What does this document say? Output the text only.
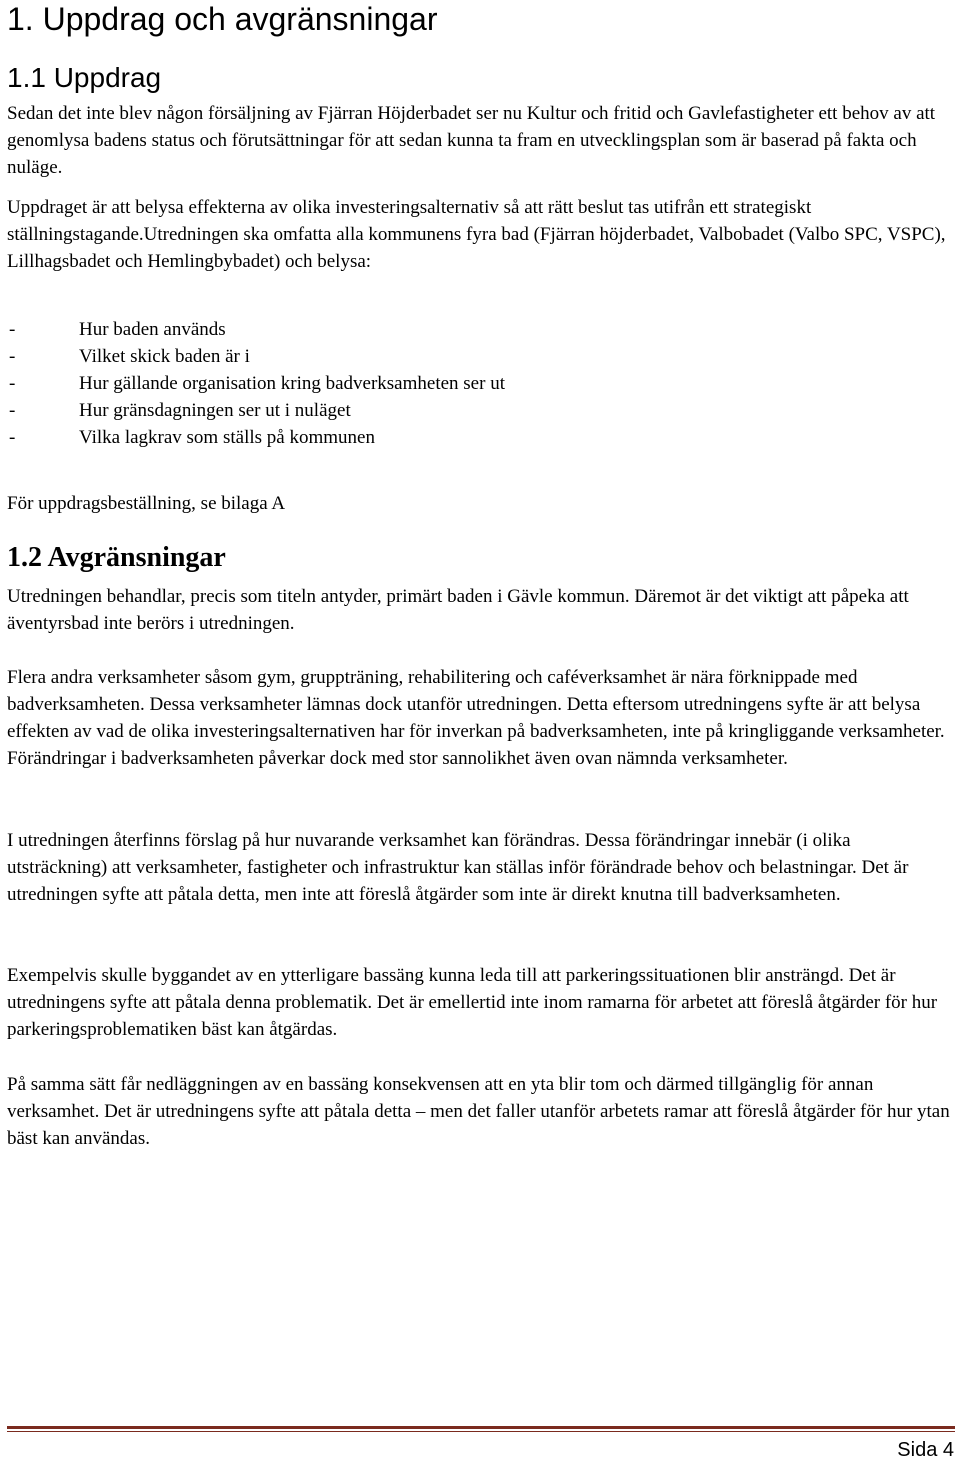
1. Uppdrag och avgränsningar
1.1 Uppdrag

Sedan det inte blev någon försäljning av Fjärran Höjderbadet ser nu Kultur och fritid och Gavlefastigheter ett behov av att genomlysa badens status och förutsättningar för att sedan kunna ta fram en utvecklingsplan som är baserad på fakta och nuläge.

Uppdraget är att belysa effekterna av olika investeringsalternativ så att rätt beslut tas utifrån ett strategiskt ställningstagande.Utredningen ska omfatta alla kommunens fyra bad (Fjärran höjderbadet, Valbobadet (Valbo SPC, VSPC), Lillhagsbadet och Hemlingbybadet) och belysa:

-	Hur baden används
-	Vilket skick baden är i
-	Hur gällande organisation kring badverksamheten ser ut
-	Hur gränsdagningen ser ut i nuläget
-	Vilka lagkrav som ställs på kommunen

För uppdragsbeställning, se bilaga A

1.2 Avgränsningar

Utredningen behandlar, precis som titeln antyder, primärt baden i Gävle kommun. Däremot är det viktigt att påpeka att äventyrsbad inte berörs i utredningen.

Flera andra verksamheter såsom gym, gruppträning, rehabilitering och caféverksamhet är nära förknippade med badverksamheten. Dessa verksamheter lämnas dock utanför utredningen. Detta eftersom utredningens syfte är att belysa effekten av vad de olika investeringsalternativen har för inverkan på badverksamheten, inte på kringliggande verksamheter. Förändringar i badverksamheten påverkar dock med stor sannolikhet även ovan nämnda verksamheter.

I utredningen återfinns förslag på hur nuvarande verksamhet kan förändras. Dessa förändringar innebär (i olika utsträckning) att verksamheter, fastigheter och infrastruktur kan ställas inför förändrade behov och belastningar. Det är utredningen syfte att påtala detta, men inte att föreslå åtgärder som inte är direkt knutna till badverksamheten.

Exempelvis skulle byggandet av en ytterligare bassäng kunna leda till att parkeringssituationen blir ansträngd. Det är utredningens syfte att påtala denna problematik. Det är emellertid inte inom ramarna för arbetet att föreslå åtgärder för hur parkeringsproblematiken bäst kan åtgärdas.

På samma sätt får nedläggningen av en bassäng konsekvensen att en yta blir tom och därmed tillgänglig för annan verksamhet. Det är utredningens syfte att påtala detta – men det faller utanför arbetets ramar att föreslå åtgärder för hur ytan bäst kan användas.

Sida 4
